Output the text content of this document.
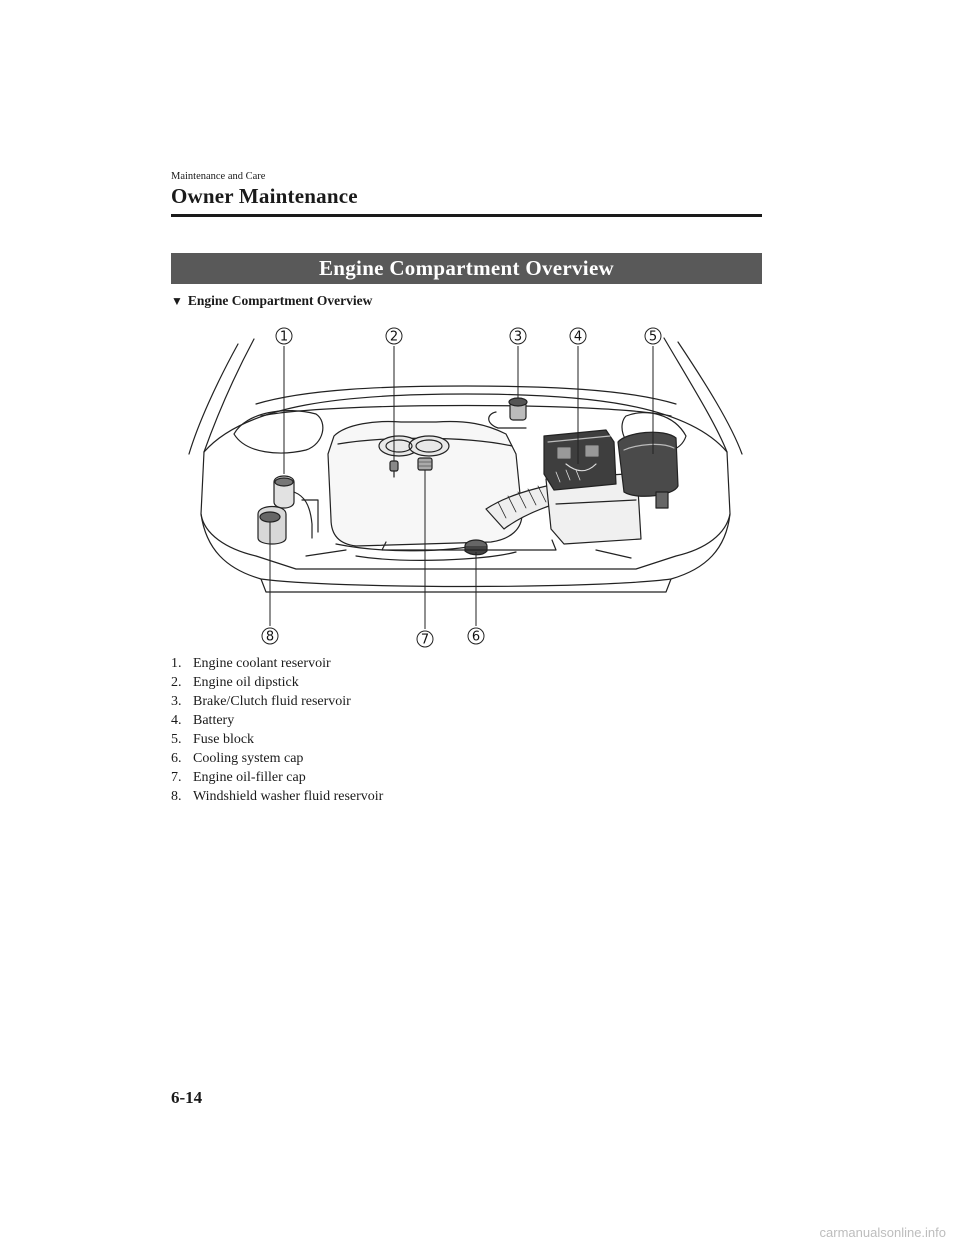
Maintenance and Care
Owner Maintenance
Engine Compartment Overview
▼ Engine Compartment Overview
1	2	3	4	5
6
7
8
1. Engine coolant reservoir
2. Engine oil dipstick
3. Brake/Clutch fluid reservoir
4. Battery
5. Fuse block
6. Cooling system cap
7. Engine oil-filler cap
8. Windshield washer fluid reservoir
6-14
carmanualsonline.info
